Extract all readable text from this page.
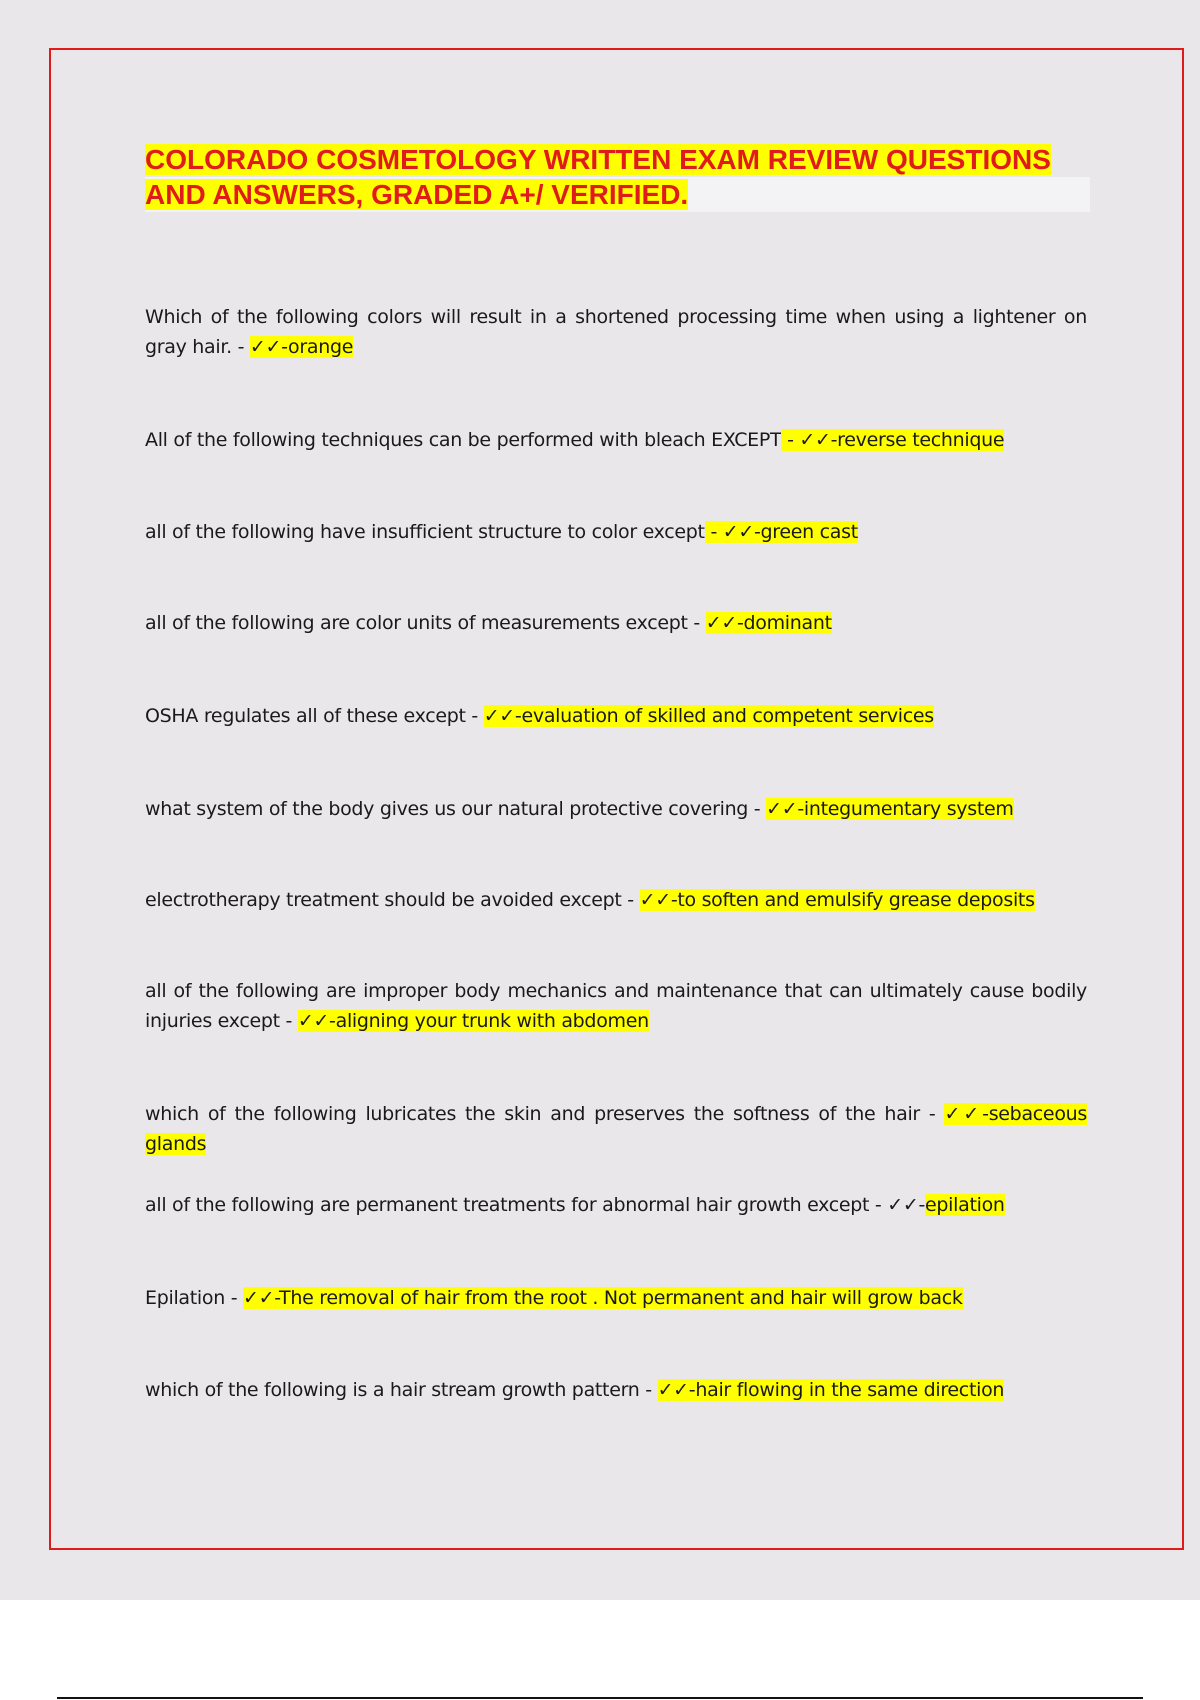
COLORADO COSMETOLOGY WRITTEN EXAM REVIEW QUESTIONS AND ANSWERS, GRADED A+/ VERIFIED.

Which of the following colors will result in a shortened processing time when using a lightener on gray hair. - ✓✓-orange

All of the following techniques can be performed with bleach EXCEPT - ✓✓-reverse technique

all of the following have insufficient structure to color except - ✓✓-green cast

all of the following are color units of measurements except - ✓✓-dominant

OSHA regulates all of these except - ✓✓-evaluation of skilled and competent services

what system of the body gives us our natural protective covering - ✓✓-integumentary system

electrotherapy treatment should be avoided except - ✓✓-to soften and emulsify grease deposits

all of the following are improper body mechanics and maintenance that can ultimately cause bodily injuries except - ✓✓-aligning your trunk with abdomen

which of the following lubricates the skin and preserves the softness of the hair - ✓✓-sebaceous glands

all of the following are permanent treatments for abnormal hair growth except - ✓✓-epilation

Epilation - ✓✓-The removal of hair from the root . Not permanent and hair will grow back

which of the following is a hair stream growth pattern - ✓✓-hair flowing in the same direction
